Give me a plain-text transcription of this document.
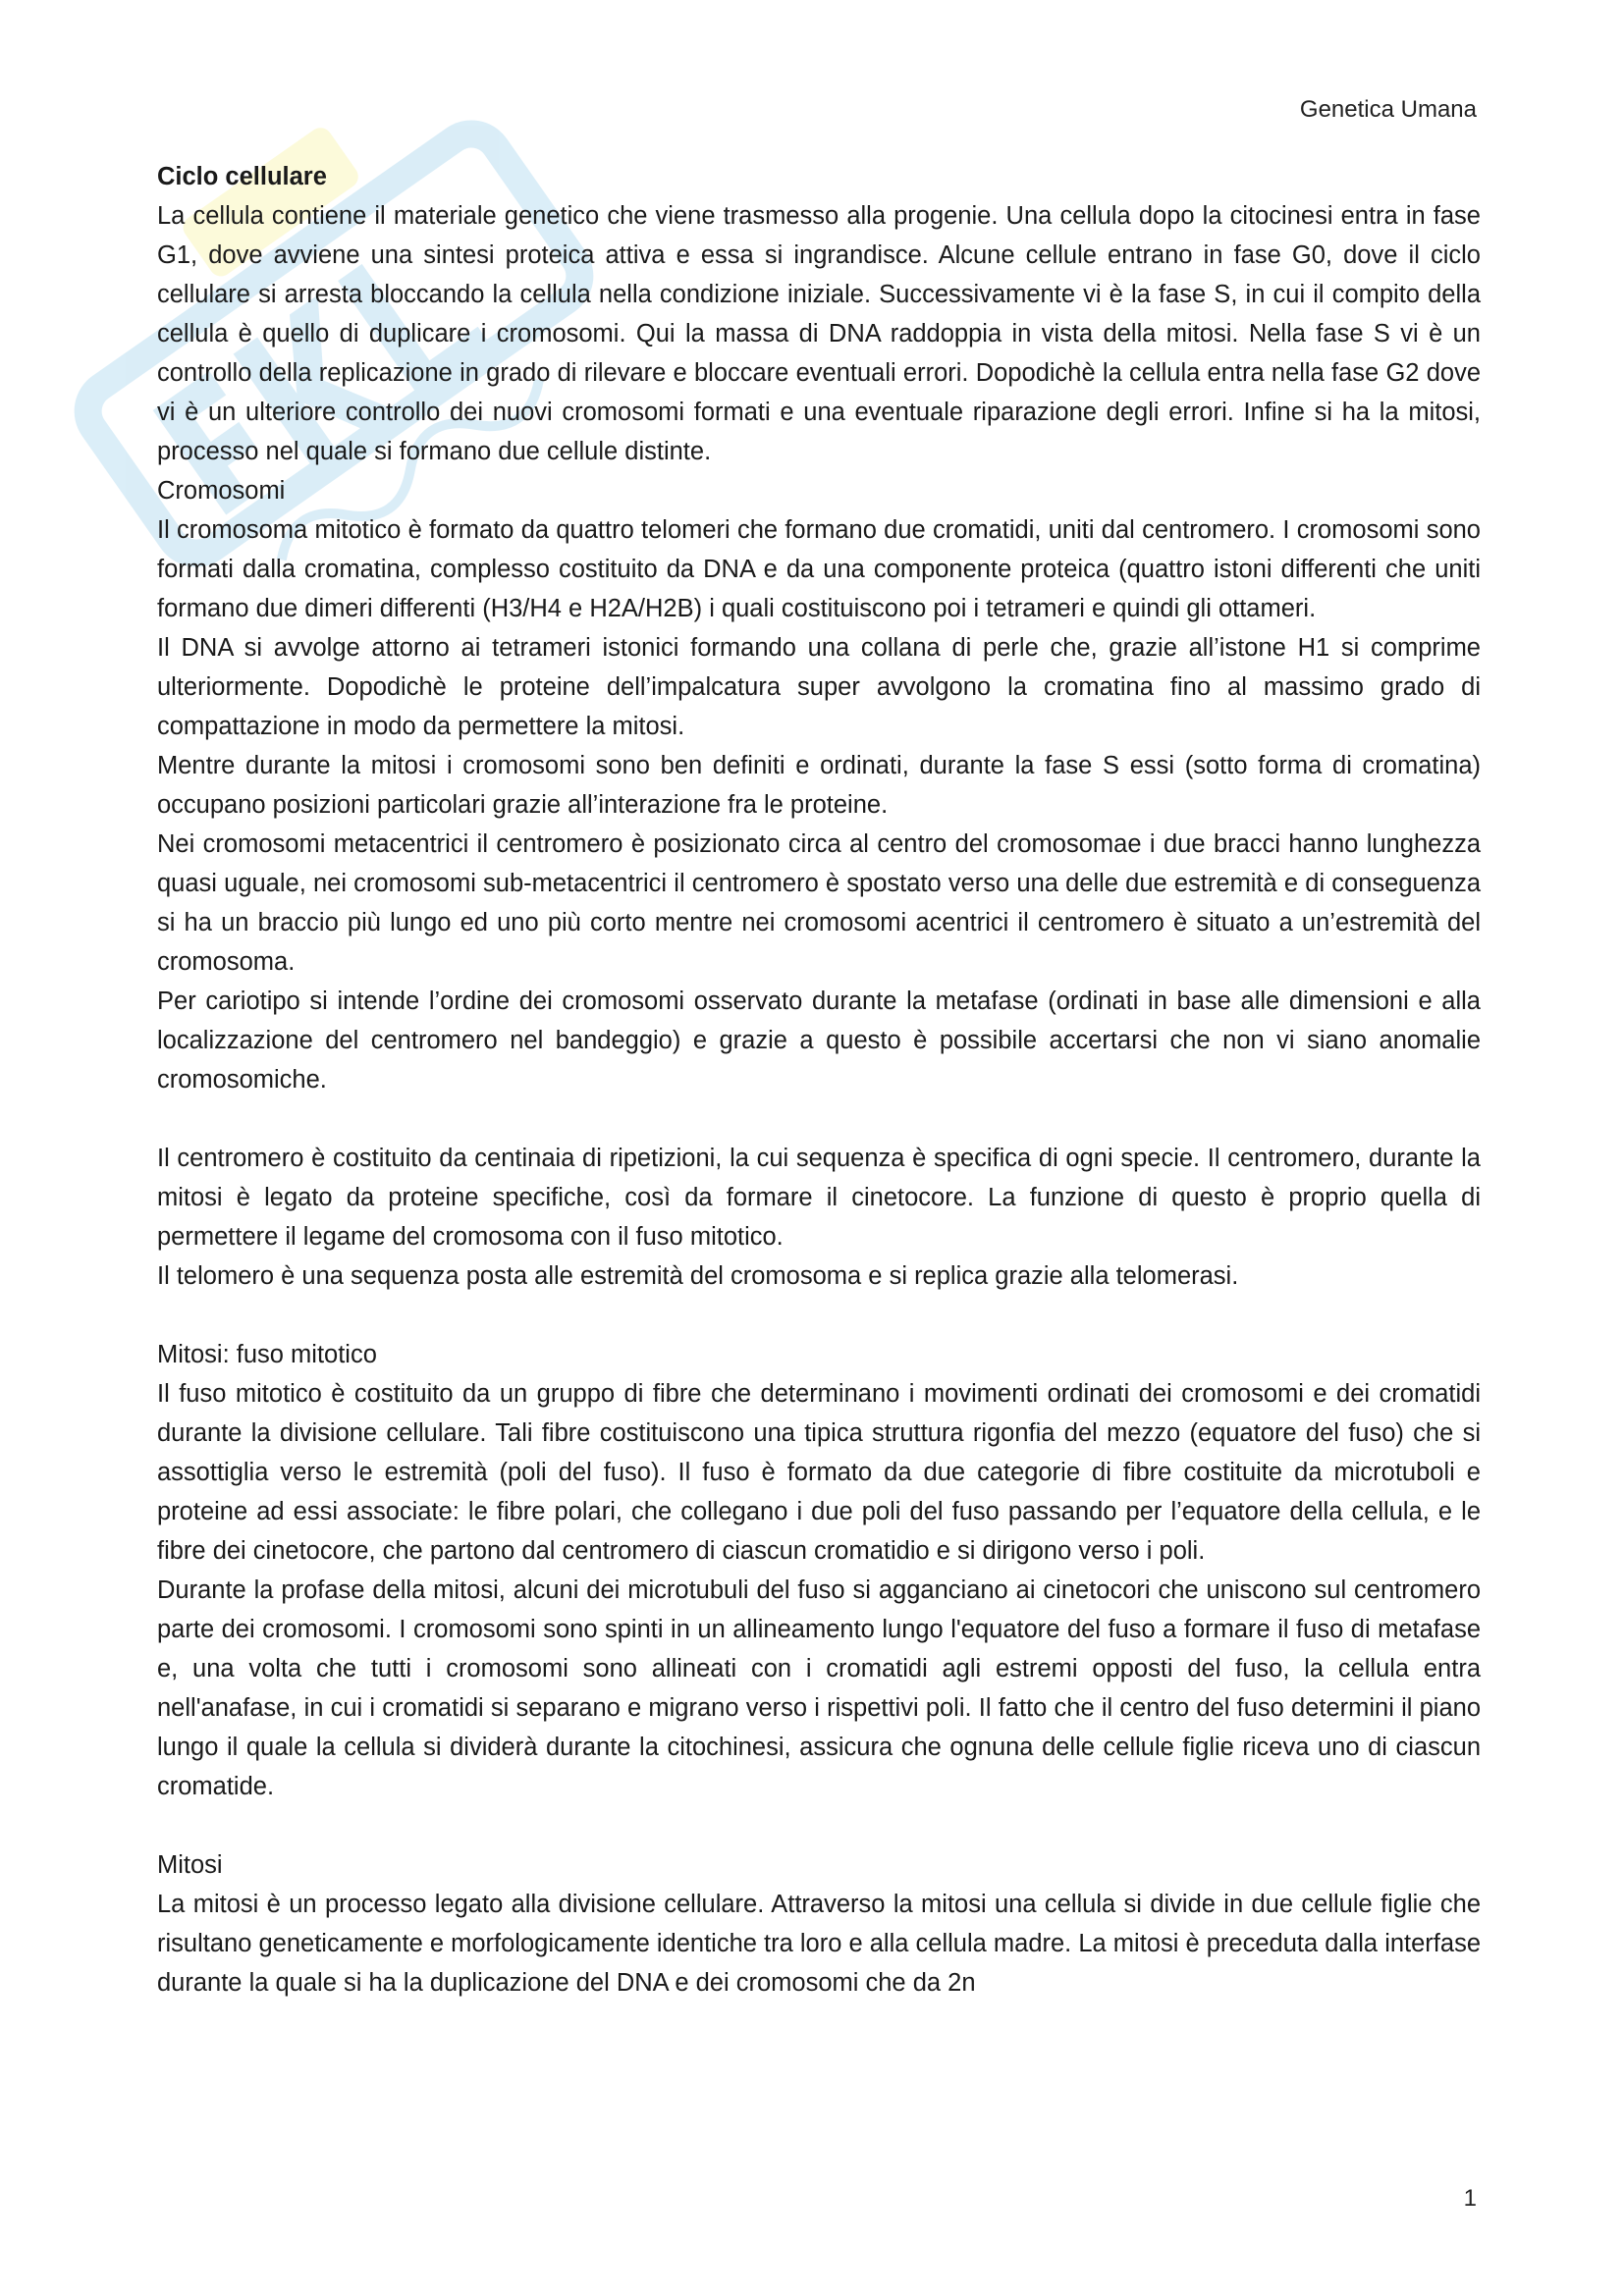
Genetica Umana

Ciclo cellulare

La cellula contiene il materiale genetico che viene trasmesso alla progenie. Una cellula dopo la citocinesi entra in fase G1, dove avviene una sintesi proteica attiva e essa si ingrandisce. Alcune cellule entrano in fase G0, dove il ciclo cellulare si arresta bloccando la cellula nella condizione iniziale. Successivamente vi è la fase S, in cui il compito della cellula è quello di duplicare i cromosomi. Qui la massa di DNA raddoppia in vista della mitosi. Nella fase S vi è un controllo della replicazione in grado di rilevare e bloccare eventuali errori. Dopodichè la cellula entra nella fase G2 dove vi è un ulteriore controllo dei nuovi cromosomi formati e una eventuale riparazione degli errori. Infine si ha la mitosi, processo nel quale si formano due cellule distinte.

Cromosomi

Il cromosoma mitotico è formato da quattro telomeri che formano due cromatidi, uniti dal centromero. I cromosomi sono formati dalla cromatina, complesso costituito da DNA e da una componente proteica (quattro istoni differenti che uniti formano due dimeri differenti (H3/H4 e H2A/H2B) i quali costituiscono poi i tetrameri e quindi gli ottameri.

Il DNA si avvolge attorno ai tetrameri istonici formando una collana di perle che, grazie all’istone H1 si comprime ulteriormente. Dopodichè le proteine dell’impalcatura super avvolgono la cromatina fino al massimo grado di compattazione in modo da permettere la mitosi.

Mentre durante la mitosi i cromosomi sono ben definiti e ordinati, durante la fase S essi (sotto forma di cromatina) occupano posizioni particolari grazie all’interazione fra le proteine.

Nei cromosomi metacentrici il centromero è posizionato circa al centro del cromosomae i due bracci hanno lunghezza quasi uguale, nei cromosomi sub-metacentrici il centromero è spostato verso una delle due estremità e di conseguenza si ha un braccio più lungo ed uno più corto mentre nei cromosomi acentrici il centromero è situato a un’estremità del cromosoma.

Per cariotipo si intende l’ordine dei cromosomi osservato durante la metafase (ordinati in base alle dimensioni e alla localizzazione del centromero nel bandeggio) e grazie a questo è possibile accertarsi che non vi siano anomalie cromosomiche.

Il centromero è costituito da centinaia di ripetizioni, la cui sequenza è specifica di ogni specie. Il centromero, durante la mitosi è legato da proteine specifiche, così da formare il cinetocore. La funzione di questo è proprio quella di permettere il legame del cromosoma con il fuso mitotico.

Il telomero è una sequenza posta alle estremità del cromosoma e si replica grazie alla telomerasi.

Mitosi: fuso mitotico

Il fuso mitotico è costituito da un gruppo di fibre che determinano i movimenti ordinati dei cromosomi e dei cromatidi durante la divisione cellulare. Tali fibre costituiscono una tipica struttura rigonfia del mezzo (equatore del fuso) che si assottiglia verso le estremità (poli del fuso). Il fuso è formato da due categorie di fibre costituite da microtuboli e proteine ad essi associate: le fibre polari, che collegano i due poli del fuso passando per l’equatore della cellula, e le fibre dei cinetocore, che partono dal centromero di ciascun cromatidio e si dirigono verso i poli.

Durante la profase della mitosi, alcuni dei microtubuli del fuso si agganciano ai cinetocori che uniscono sul centromero parte dei cromosomi. I cromosomi sono spinti in un allineamento lungo l'equatore del fuso a formare il fuso di metafase e, una volta che tutti i cromosomi sono allineati con i cromatidi agli estremi opposti del fuso, la cellula entra nell'anafase, in cui i cromatidi si separano e migrano verso i rispettivi poli. Il fatto che il centro del fuso determini il piano lungo il quale la cellula si dividerà durante la citochinesi, assicura che ognuna delle cellule figlie riceva uno di ciascun cromatide.

Mitosi

La mitosi è un processo legato alla divisione cellulare. Attraverso la mitosi una cellula si divide in due cellule figlie che risultano geneticamente e morfologicamente identiche tra loro e alla cellula madre. La mitosi è preceduta dalla interfase durante la quale si ha la duplicazione del DNA e dei cromosomi che da 2n

1
